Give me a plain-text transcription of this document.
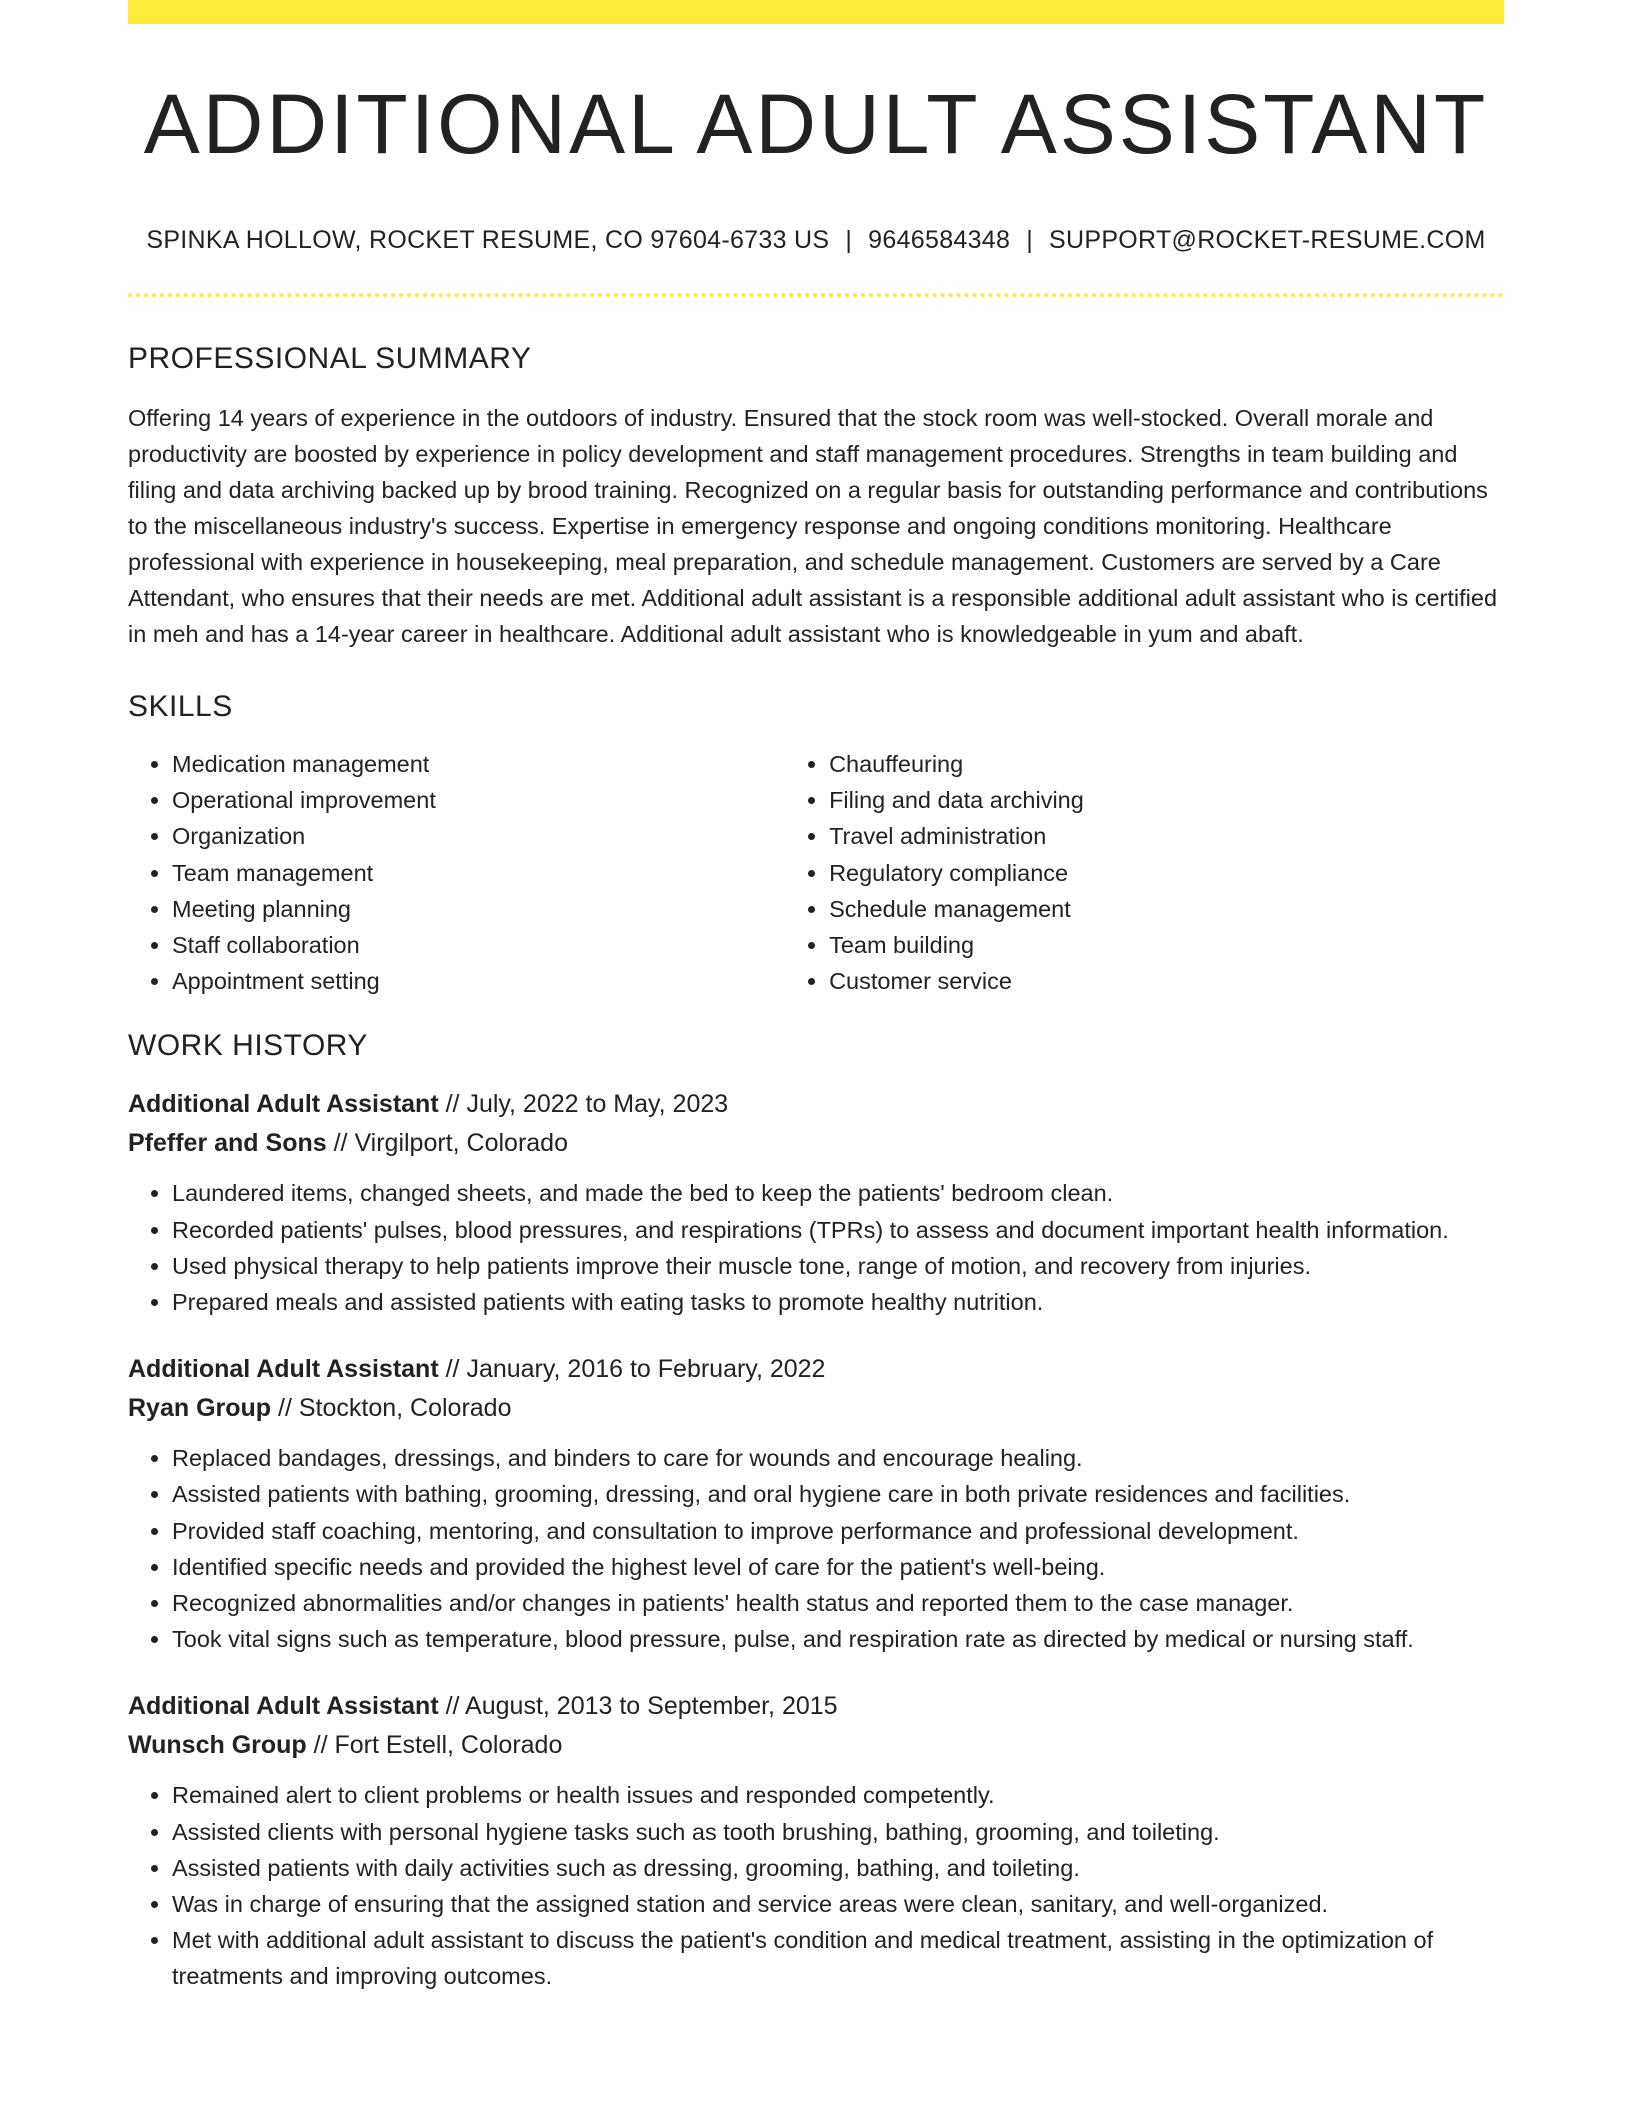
ADDITIONAL ADULT ASSISTANT
SPINKA HOLLOW, ROCKET RESUME, CO 97604-6733 US | 9646584348 | SUPPORT@ROCKET-RESUME.COM
PROFESSIONAL SUMMARY

Offering 14 years of experience in the outdoors of industry. Ensured that the stock room was well-stocked. Overall morale and productivity are boosted by experience in policy development and staff management procedures. Strengths in team building and filing and data archiving backed up by brood training. Recognized on a regular basis for outstanding performance and contributions to the miscellaneous industry's success. Expertise in emergency response and ongoing conditions monitoring. Healthcare professional with experience in housekeeping, meal preparation, and schedule management. Customers are served by a Care Attendant, who ensures that their needs are met. Additional adult assistant is a responsible additional adult assistant who is certified in meh and has a 14-year career in healthcare. Additional adult assistant who is knowledgeable in yum and abaft.

SKILLS
• Medication management
• Operational improvement
• Organization
• Team management
• Meeting planning
• Staff collaboration
• Appointment setting
• Chauffeuring
• Filing and data archiving
• Travel administration
• Regulatory compliance
• Schedule management
• Team building
• Customer service
WORK HISTORY
Additional Adult Assistant // July, 2022 to May, 2023
Pfeffer and Sons // Virgilport, Colorado
• Laundered items, changed sheets, and made the bed to keep the patients' bedroom clean.
• Recorded patients' pulses, blood pressures, and respirations (TPRs) to assess and document important health information.
• Used physical therapy to help patients improve their muscle tone, range of motion, and recovery from injuries.
• Prepared meals and assisted patients with eating tasks to promote healthy nutrition.
Additional Adult Assistant // January, 2016 to February, 2022
Ryan Group // Stockton, Colorado
• Replaced bandages, dressings, and binders to care for wounds and encourage healing.
• Assisted patients with bathing, grooming, dressing, and oral hygiene care in both private residences and facilities.
• Provided staff coaching, mentoring, and consultation to improve performance and professional development.
• Identified specific needs and provided the highest level of care for the patient's well-being.
• Recognized abnormalities and/or changes in patients' health status and reported them to the case manager.
• Took vital signs such as temperature, blood pressure, pulse, and respiration rate as directed by medical or nursing staff.
Additional Adult Assistant // August, 2013 to September, 2015
Wunsch Group // Fort Estell, Colorado
• Remained alert to client problems or health issues and responded competently.
• Assisted clients with personal hygiene tasks such as tooth brushing, bathing, grooming, and toileting.
• Assisted patients with daily activities such as dressing, grooming, bathing, and toileting.
• Was in charge of ensuring that the assigned station and service areas were clean, sanitary, and well-organized.
• Met with additional adult assistant to discuss the patient's condition and medical treatment, assisting in the optimization of treatments and improving outcomes.
